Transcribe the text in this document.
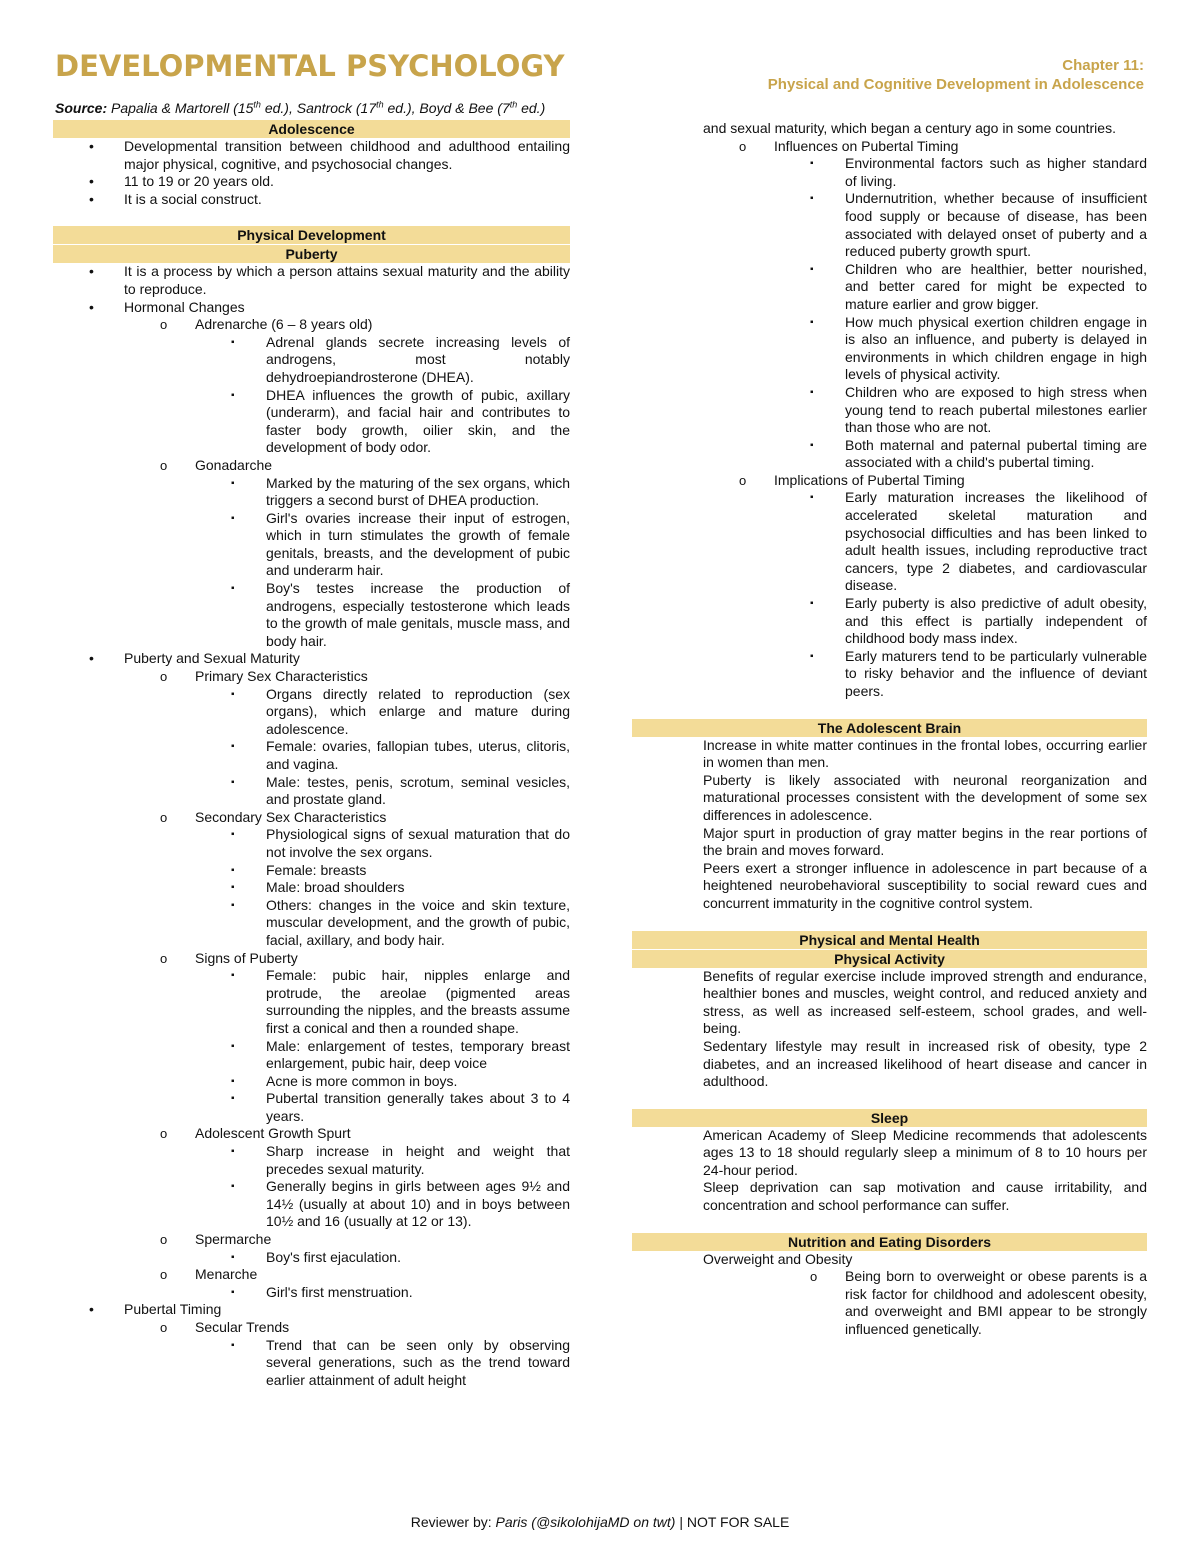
DEVELOPMENTAL PSYCHOLOGY	Chapter 11:
Physical and Cognitive Development in Adolescence
Source: Papalia & Martorell (15th ed.), Santrock (17th ed.), Boyd & Bee (7th ed.)
Adolescence
• Developmental transition between childhood and adulthood entailing major physical, cognitive, and psychosocial changes.
• 11 to 19 or 20 years old.
• It is a social construct.
Physical Development
Puberty
• It is a process by which a person attains sexual maturity and the ability to reproduce.
• Hormonal Changes
o Adrenarche (6 – 8 years old)
▪ Adrenal glands secrete increasing levels of androgens, most notably dehydroepiandrosterone (DHEA).
▪ DHEA influences the growth of pubic, axillary (underarm), and facial hair and contributes to faster body growth, oilier skin, and the development of body odor.
o Gonadarche
▪ Marked by the maturing of the sex organs, which triggers a second burst of DHEA production.
▪ Girl's ovaries increase their input of estrogen, which in turn stimulates the growth of female genitals, breasts, and the development of pubic and underarm hair.
▪ Boy's testes increase the production of androgens, especially testosterone which leads to the growth of male genitals, muscle mass, and body hair.
• Puberty and Sexual Maturity
o Primary Sex Characteristics
▪ Organs directly related to reproduction (sex organs), which enlarge and mature during adolescence.
▪ Female: ovaries, fallopian tubes, uterus, clitoris, and vagina.
▪ Male: testes, penis, scrotum, seminal vesicles, and prostate gland.
o Secondary Sex Characteristics
▪ Physiological signs of sexual maturation that do not involve the sex organs.
▪ Female: breasts
▪ Male: broad shoulders
▪ Others: changes in the voice and skin texture, muscular development, and the growth of pubic, facial, axillary, and body hair.
o Signs of Puberty
▪ Female: pubic hair, nipples enlarge and protrude, the areolae (pigmented areas surrounding the nipples, and the breasts assume first a conical and then a rounded shape.
▪ Male: enlargement of testes, temporary breast enlargement, pubic hair, deep voice
▪ Acne is more common in boys.
▪ Pubertal transition generally takes about 3 to 4 years.
o Adolescent Growth Spurt
▪ Sharp increase in height and weight that precedes sexual maturity.
▪ Generally begins in girls between ages 9½ and 14½ (usually at about 10) and in boys between 10½ and 16 (usually at 12 or 13).
o Spermarche
▪ Boy's first ejaculation.
o Menarche
▪ Girl's first menstruation.
• Pubertal Timing
o Secular Trends
▪ Trend that can be seen only by observing several generations, such as the trend toward earlier attainment of adult height
and sexual maturity, which began a century ago in some countries.
o Influences on Pubertal Timing
▪ Environmental factors such as higher standard of living.
▪ Undernutrition, whether because of insufficient food supply or because of disease, has been associated with delayed onset of puberty and a reduced puberty growth spurt.
▪ Children who are healthier, better nourished, and better cared for might be expected to mature earlier and grow bigger.
▪ How much physical exertion children engage in is also an influence, and puberty is delayed in environments in which children engage in high levels of physical activity.
▪ Children who are exposed to high stress when young tend to reach pubertal milestones earlier than those who are not.
▪ Both maternal and paternal pubertal timing are associated with a child's pubertal timing.
o Implications of Pubertal Timing
▪ Early maturation increases the likelihood of accelerated skeletal maturation and psychosocial difficulties and has been linked to adult health issues, including reproductive tract cancers, type 2 diabetes, and cardiovascular disease.
▪ Early puberty is also predictive of adult obesity, and this effect is partially independent of childhood body mass index.
▪ Early maturers tend to be particularly vulnerable to risky behavior and the influence of deviant peers.
The Adolescent Brain
Increase in white matter continues in the frontal lobes, occurring earlier in women than men.
Puberty is likely associated with neuronal reorganization and maturational processes consistent with the development of some sex differences in adolescence.
Major spurt in production of gray matter begins in the rear portions of the brain and moves forward.
Peers exert a stronger influence in adolescence in part because of a heightened neurobehavioral susceptibility to social reward cues and concurrent immaturity in the cognitive control system.
Physical and Mental Health
Physical Activity
Benefits of regular exercise include improved strength and endurance, healthier bones and muscles, weight control, and reduced anxiety and stress, as well as increased self-esteem, school grades, and well-being.
Sedentary lifestyle may result in increased risk of obesity, type 2 diabetes, and an increased likelihood of heart disease and cancer in adulthood.
Sleep
American Academy of Sleep Medicine recommends that adolescents ages 13 to 18 should regularly sleep a minimum of 8 to 10 hours per 24-hour period.
Sleep deprivation can sap motivation and cause irritability, and concentration and school performance can suffer.
Nutrition and Eating Disorders
Overweight and Obesity
o Being born to overweight or obese parents is a risk factor for childhood and adolescent obesity, and overweight and BMI appear to be strongly influenced genetically.
Reviewer by: Paris (@sikolohijaMD on twt) | NOT FOR SALE
